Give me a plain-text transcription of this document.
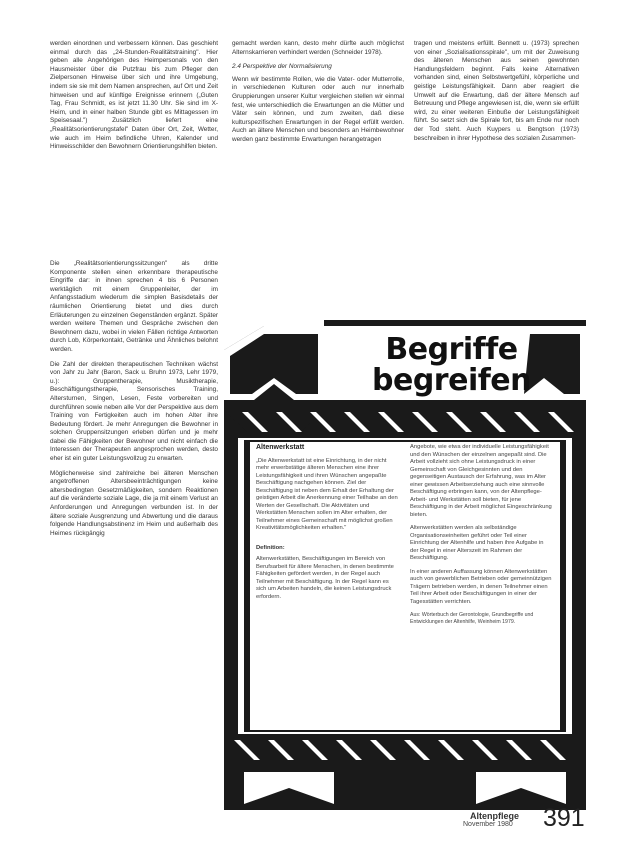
werden einordnen und verbessern können. Das geschieht einmal durch das „24-Stunden-Realitätstraining". Hier geben alle Angehörigen des Heimpersonals von den Hausmeister über die Putzfrau bis zum Pfleger den Zielpersonen Hinweise über sich und ihre Umgebung, indem sie sie mit dem Namen ansprechen, auf Ort und Zeit hinweisen und auf künftige Ereignisse erinnern („Guten Tag, Frau Schmidt, es ist jetzt 11.30 Uhr. Sie sind im X-Heim, und in einer halben Stunde gibt es Mittagessen im Speisesaal.") Zusätzlich liefert eine „Realitätsorientierungstafel" Daten über Ort, Zeit, Wetter, wie auch im Heim befindliche Uhren, Kalender und Hinweisschilder den Bewohnern Orientierungshilfen bieten.

Die „Realitätsorientierungssitzungen" als dritte Komponente stellen einen erkennbare therapeutische Eingriffe dar: in ihnen sprechen 4 bis 6 Personen werktäglich mit einem Gruppenleiter, der im Anfangsstadium wiederum die simplen Basisdetails der räumlichen Orientierung bietet und dies durch Erläuterungen zu einzelnen Gegenständen ergänzt. Später werden weitere Themen und Gespräche zwischen den Bewohnern dazu, wobei in vielen Fällen richtige Antworten durch Lob, Körperkontakt, Getränke und Ähnliches belohnt werden.

Die Zahl der direkten therapeutischen Techniken wächst von Jahr zu Jahr (Baron, Sack u. Bruhn 1973, Lehr 1979, u.): Gruppentherapie, Musiktherapie, Beschäftigungstherapie, Sensorisches Training, Altersturnen, Singen, Lesen, Feste vorbereiten und durchführen sowie neben alle Vor der Perspektive aus dem Training von Fertigkeiten auch im hohen Alter ihre Bedeutung fördert. Je mehr Anregungen die Bewohner in solchen Gruppensitzungen erleben dürfen und je mehr dabei die Fähigkeiten der Bewohner und nicht einfach die Interessen der Therapeuten angesprochen werden, desto eher ist ein guter Leistungsvollzug zu erwarten.

Möglicherweise sind zahlreiche bei älteren Menschen angetroffenen Altersbeeinträchtigungen keine altersbedingten Gesetzmäßigkeiten, sondern Reaktionen auf die veränderte soziale Lage, die ja mit einem Verlust an Anforderungen und Anregungen verbunden ist. In der ältere soziale Ausgrenzung und Abwertung und die daraus folgende Handlungsabstinenz im Heim und außerhalb des Heimes rückgängig

gemacht werden kann, desto mehr dürfte auch möglichst Alternskarrieren verhindert werden (Schneider 1978).

2.4 Perspektive der Normalisierung

Wenn wir bestimmte Rollen, wie die Vater- oder Mutterrolle, in verschiedenen Kulturen oder auch nur innerhalb Gruppierungen unserer Kultur vergleichen stellen wir einmal fest, wie unterschiedlich die Erwartungen an die Mütter und Väter sein können, und zum zweiten, daß diese kulturspezifischen Erwartungen in der Regel erfüllt werden. Auch an ältere Menschen und besonders an Heimbewohner werden ganz bestimmte Erwartungen herangetragen

tragen und meistens erfüllt. Bennett u. (1973) sprechen von einer „Sozialisationsspirale", um mit der Zuweisung des älteren Menschen aus seinen gewohnten Handlungsfeldern beginnt. Falls keine Alternativen vorhanden sind, einen Selbstwertgefühl, körperliche und geistige Leistungsfähigkeit. Dann aber reagiert die Umwelt auf die Erwartung, daß der ältere Mensch auf Betreuung und Pflege angewiesen ist, die, wenn sie erfüllt wird, zu einer weiteren Einbuße der Leistungsfähigkeit führt. So setzt sich die Spirale fort, bis am Ende nur noch der Tod steht. Auch Kuypers u. Bengtson (1973) beschreiben in ihrer Hypothese des sozialen Zusammen-

Begriffe
begreifen
Altenwerkstatt

„Die Altenwerkstatt ist eine Einrichtung, in der nicht mehr erwerbstätige älteren Menschen eine ihrer Leistungsfähigkeit und ihren Wünschen angepaßte Beschäftigung nachgehen können. Ziel der Beschäftigung ist neben dem Erhalt der Erhaltung der geistigen Arbeit die Anerkennung einer Teilhabe an den Werten der Gesellschaft. Die Aktivitäten und Werkstätten Menschen sollen im Alter erhalten, der Teilnehmer eines Gemeinschaft mit möglichst großen Kreativitätsmöglichkeiten erhalten."

Definition:

Altenwerkstätten, Beschäftigungen im Bereich von Berufsarbeit für ältere Menschen, in denen bestimmte Fähigkeiten gefördert werden, in der Regel auch Teilnehmer mit Beschäftigung. In der Regel kann es sich um Arbeiten handeln, die keinen Leistungsdruck erfordern.

Angebote, wie etwa der individuelle Leistungsfähigkeit und den Wünschen der einzelnen angepaßt sind. Die Arbeit vollzieht sich ohne Leistungsdruck in einer Gemeinschaft von Gleichgesinnten und den gegenseitigen Austausch der Erfahrung, was im Alter einer gewissen Arbeitserziehung auch eine sinnvolle Beschäftigung erbringen kann, von der Altenpflege-Arbeit- und Werkstätten soll bieten, für jene Beschäftigung in der Arbeit möglichst Eingeschränkung bieten.

Altenwerkstätten werden als selbständige Organisationseinheiten geführt oder Teil einer Einrichtung der Altenhilfe und haben ihre Aufgabe in der Regel in einer Alterszeit im Rahmen der Beschäftigung.

In einer anderen Auffassung können Altenwerkstätten auch von gewerblichen Betrieben oder gemeinnützigen Trägern betrieben werden, in denen Teilnehmer einen Teil ihrer Arbeit oder Beschäftigungen in einer der Tagesstätten verrichten.

Aus: Wörterbuch der Gerontologie, Grundbegriffe und Entwicklungen der Altenhilfe, Weinheim 1979.

Altenpflege
November 1980 391
